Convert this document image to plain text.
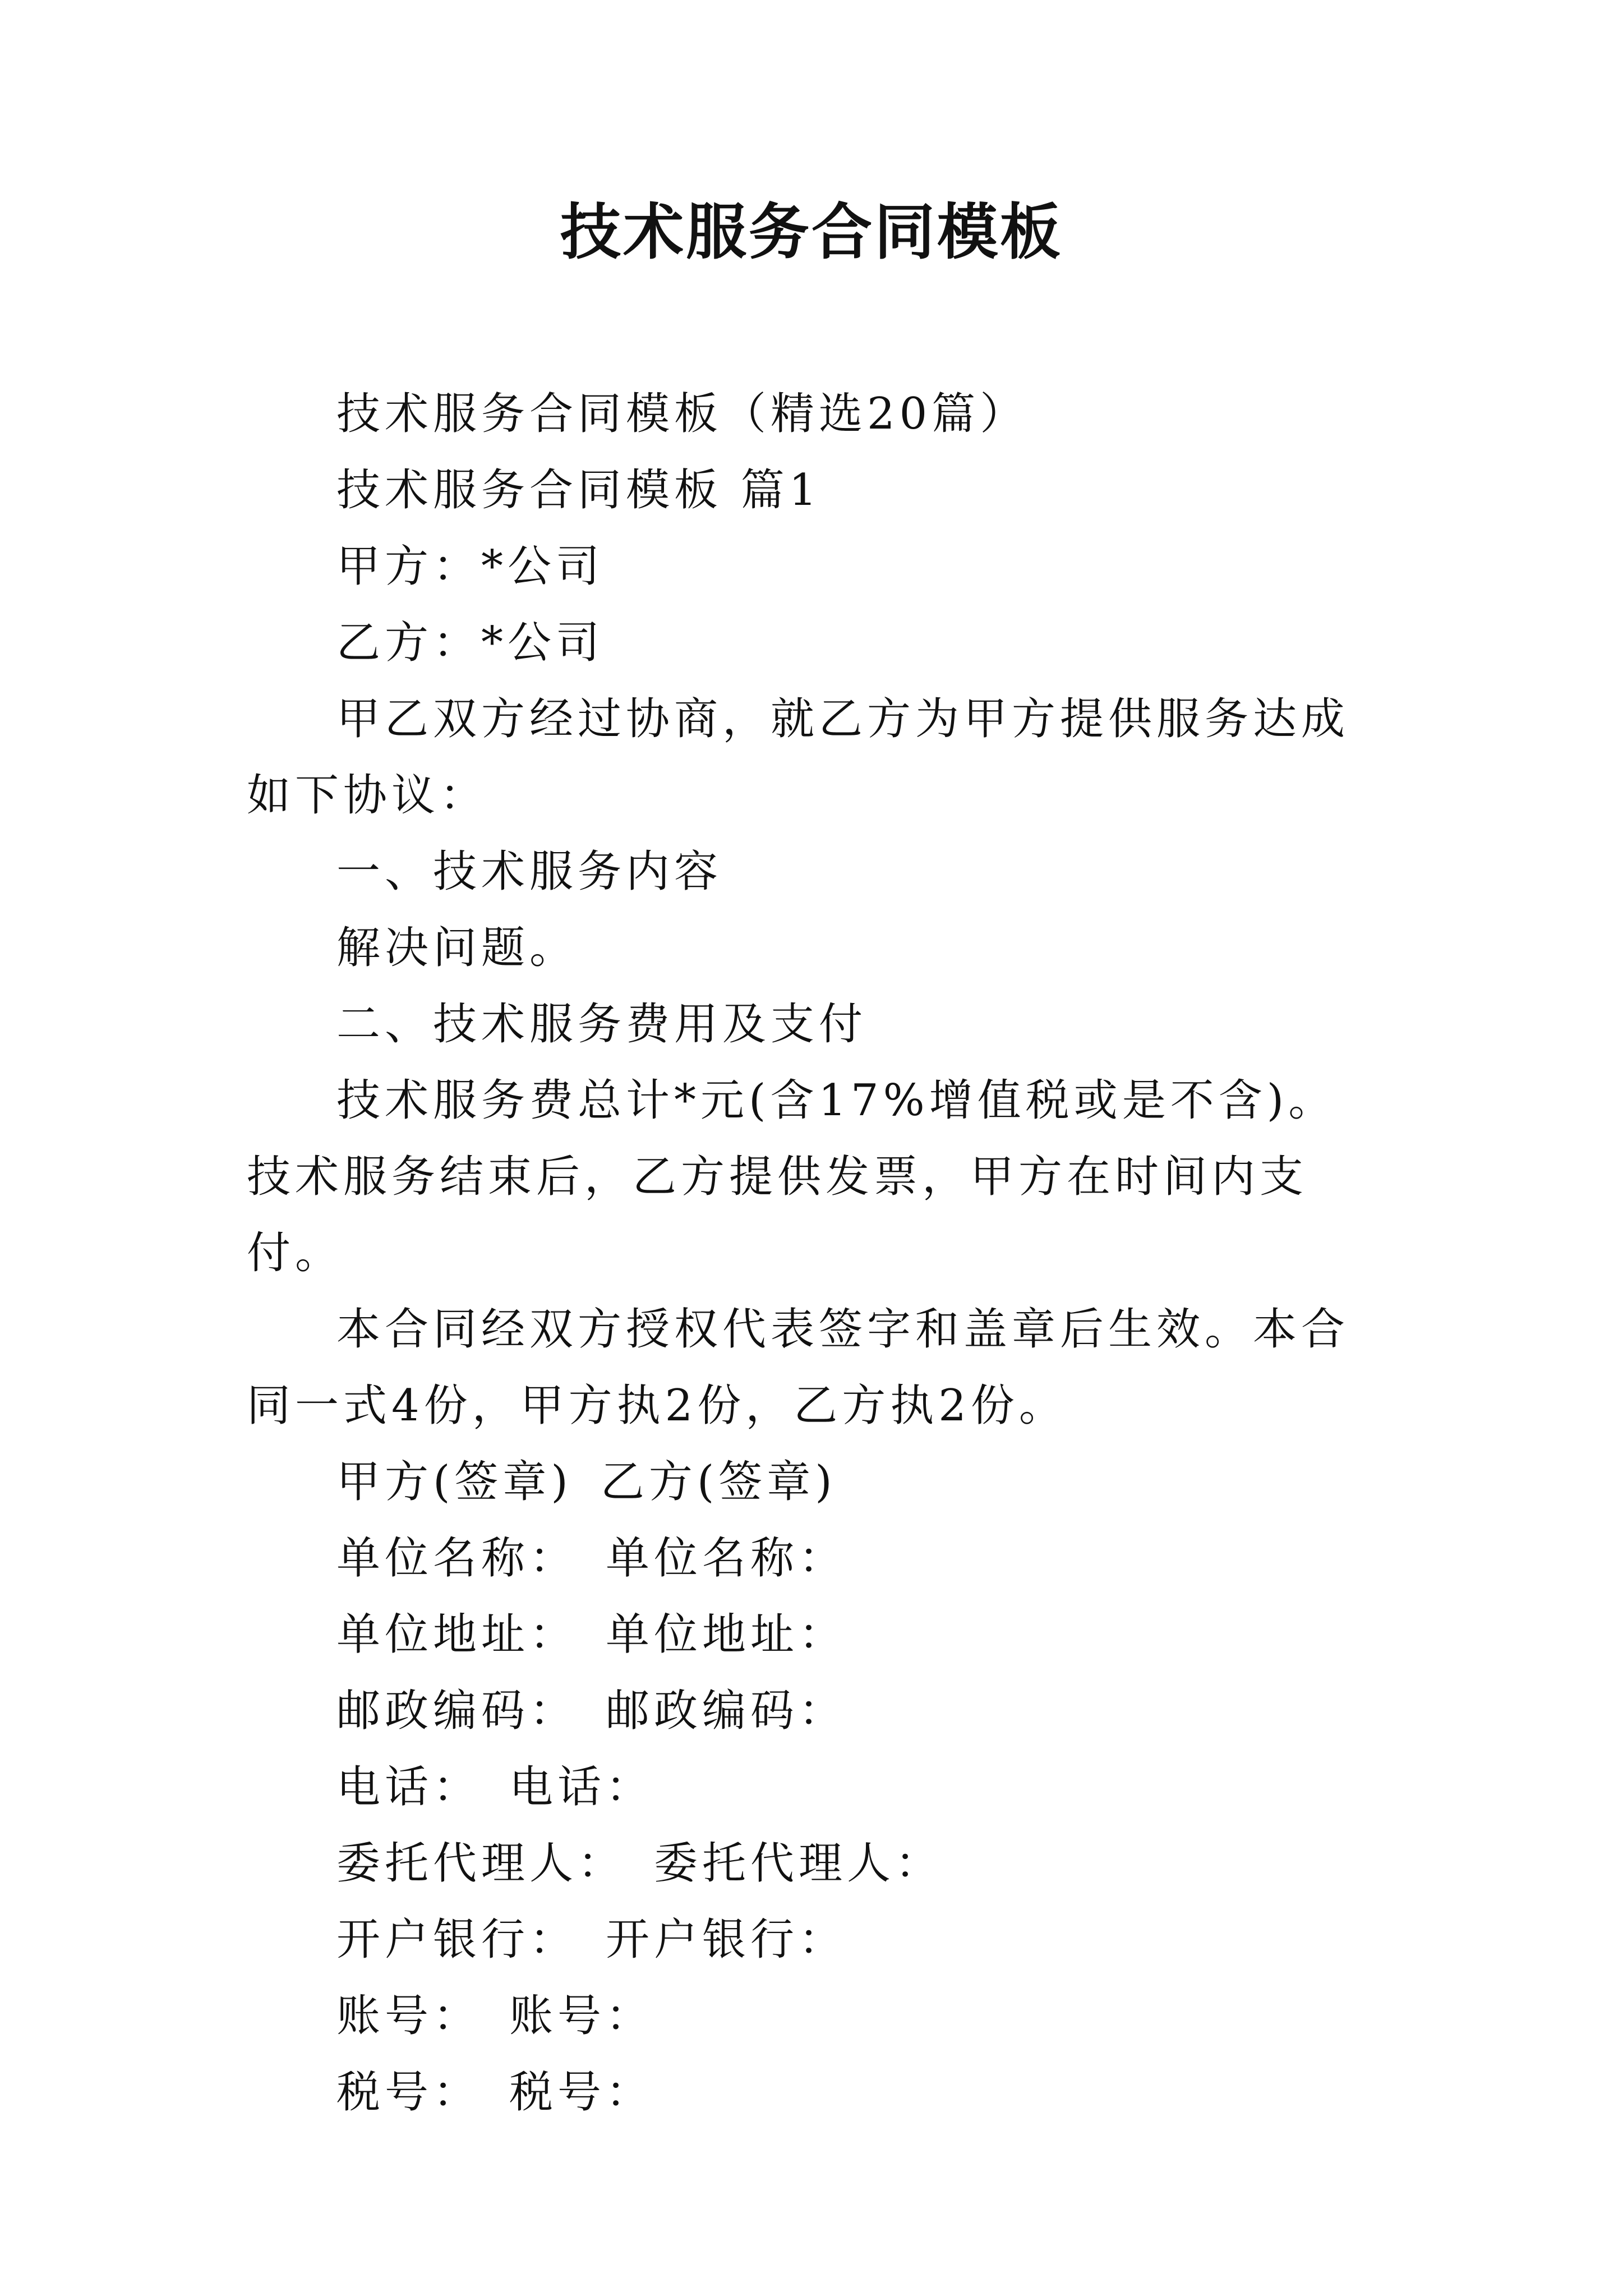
技术服务合同模板

技术服务合同模板（精选20篇）

技术服务合同模板 篇1

甲方：*公司

乙方：*公司

甲乙双方经过协商，就乙方为甲方提供服务达成如下协议：

一、技术服务内容

解决问题。

二、技术服务费用及支付

技术服务费总计*元(含17%增值税或是不含)。技术服务结束后，乙方提供发票，甲方在时间内支付。

本合同经双方授权代表签字和盖章后生效。本合同一式4份，甲方执2份，乙方执2份。

甲方(签章) 乙方(签章)

单位名称： 单位名称：

单位地址： 单位地址：

邮政编码： 邮政编码：

电话： 电话：

委托代理人： 委托代理人：

开户银行： 开户银行：

账号： 账号：

税号： 税号：
